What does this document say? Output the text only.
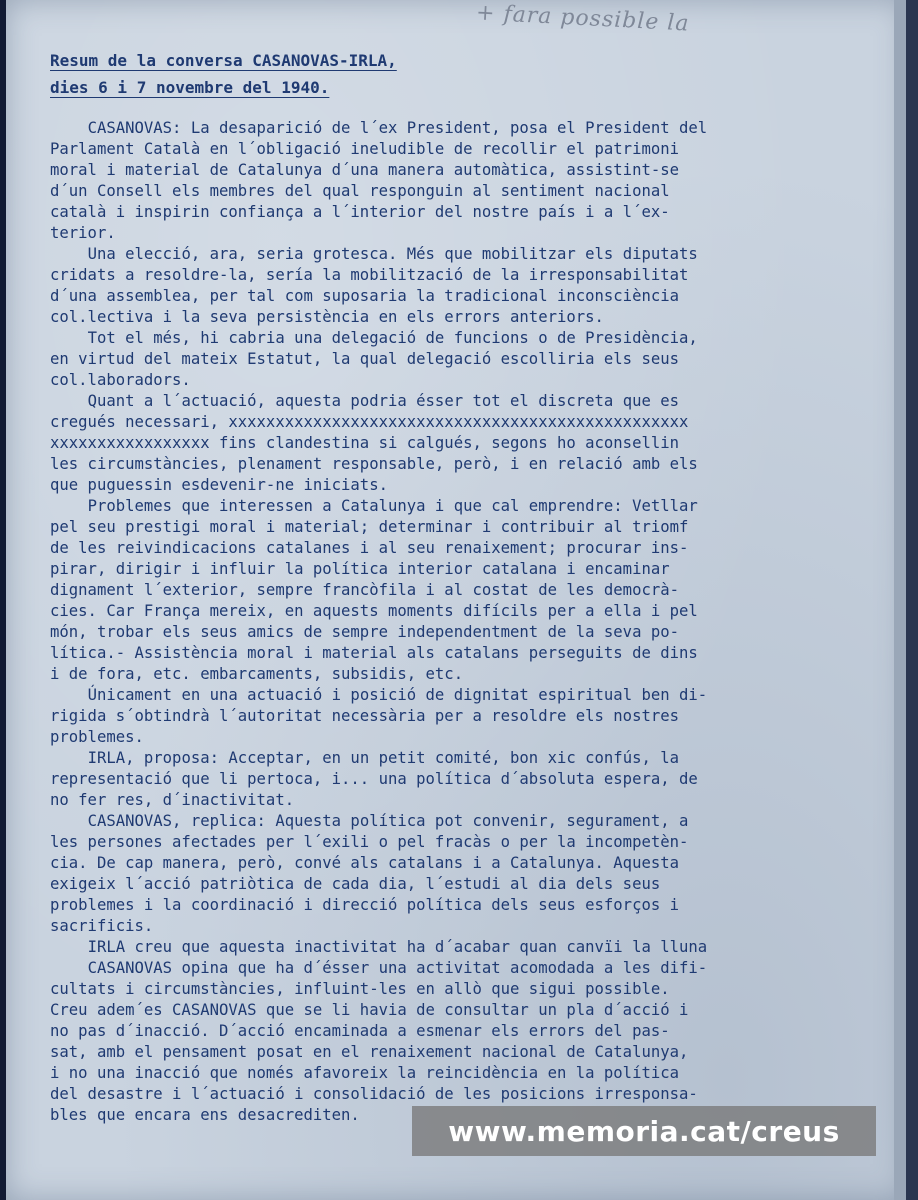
+ fara possible la
Resum de la conversa CASANOVAS-IRLA,
dies 6 i 7 novembre del 1940.

CASANOVAS: La desaparició de l´ex President, posa el President del
Parlament Català en l´obligació ineludible de recollir el patrimoni
moral i material de Catalunya d´una manera automàtica, assistint-se
d´un Consell els membres del qual responguin al sentiment nacional
català i inspirin confiança a l´interior del nostre país i a l´ex-
terior.

Una elecció, ara, seria grotesca. Més que mobilitzar els diputats
cridats a resoldre-la, sería la mobilització de la irresponsabilitat
d´una assemblea, per tal com suposaria la tradicional inconsciència
col.lectiva i la seva persistència en els errors anteriors.

Tot el més, hi cabria una delegació de funcions o de Presidència,
en virtud del mateix Estatut, la qual delegació escolliria els seus
col.laboradors.

Quant a l´actuació, aquesta podria ésser tot el discreta que es
cregués necessari, xxxxxxxxxxxxxxxxxxxxxxxxxxxxxxxxxxxxxxxxxxxxxxxxx
xxxxxxxxxxxxxxxxx fins clandestina si calgués, segons ho aconsellin
les circumstàncies, plenament responsable, però, i en relació amb els
que puguessin esdevenir-ne iniciats.

Problemes que interessen a Catalunya i que cal emprendre: Vetllar
pel seu prestigi moral i material; determinar i contribuir al triomf
de les reivindicacions catalanes i al seu renaixement; procurar ins-
pirar, dirigir i influir la política interior catalana i encaminar
dignament l´exterior, sempre francòfila i al costat de les democrà-
cies. Car França mereix, en aquests moments difícils per a ella i pel
món, trobar els seus amics de sempre independentment de la seva po-
lítica.- Assistència moral i material als catalans perseguits de dins
i de fora, etc. embarcaments, subsidis, etc.

Únicament en una actuació i posició de dignitat espiritual ben di-
rigida s´obtindrà l´autoritat necessària per a resoldre els nostres
problemes.

IRLA, proposa: Acceptar, en un petit comité, bon xic confús, la
representació que li pertoca, i... una política d´absoluta espera, de
no fer res, d´inactivitat.

CASANOVAS, replica: Aquesta política pot convenir, segurament, a
les persones afectades per l´exili o pel fracàs o per la incompetèn-
cia. De cap manera, però, convé als catalans i a Catalunya. Aquesta
exigeix l´acció patriòtica de cada dia, l´estudi al dia dels seus
problemes i la coordinació i direcció política dels seus esforços i
sacrificis.

IRLA creu que aquesta inactivitat ha d´acabar quan canvïi la lluna

CASANOVAS opina que ha d´ésser una activitat acomodada a les difi-
cultats i circumstàncies, influint-les en allò que sigui possible.
Creu adem´es CASANOVAS que se li havia de consultar un pla d´acció i
no pas d´inacció. D´acció encaminada a esmenar els errors del pas-
sat, amb el pensament posat en el renaixement nacional de Catalunya,
i no una inacció que només afavoreix la reincidència en la política
del desastre i l´actuació i consolidació de les posicions irresponsa-
bles que encara ens desacrediten.	www.memoria.cat/creus
